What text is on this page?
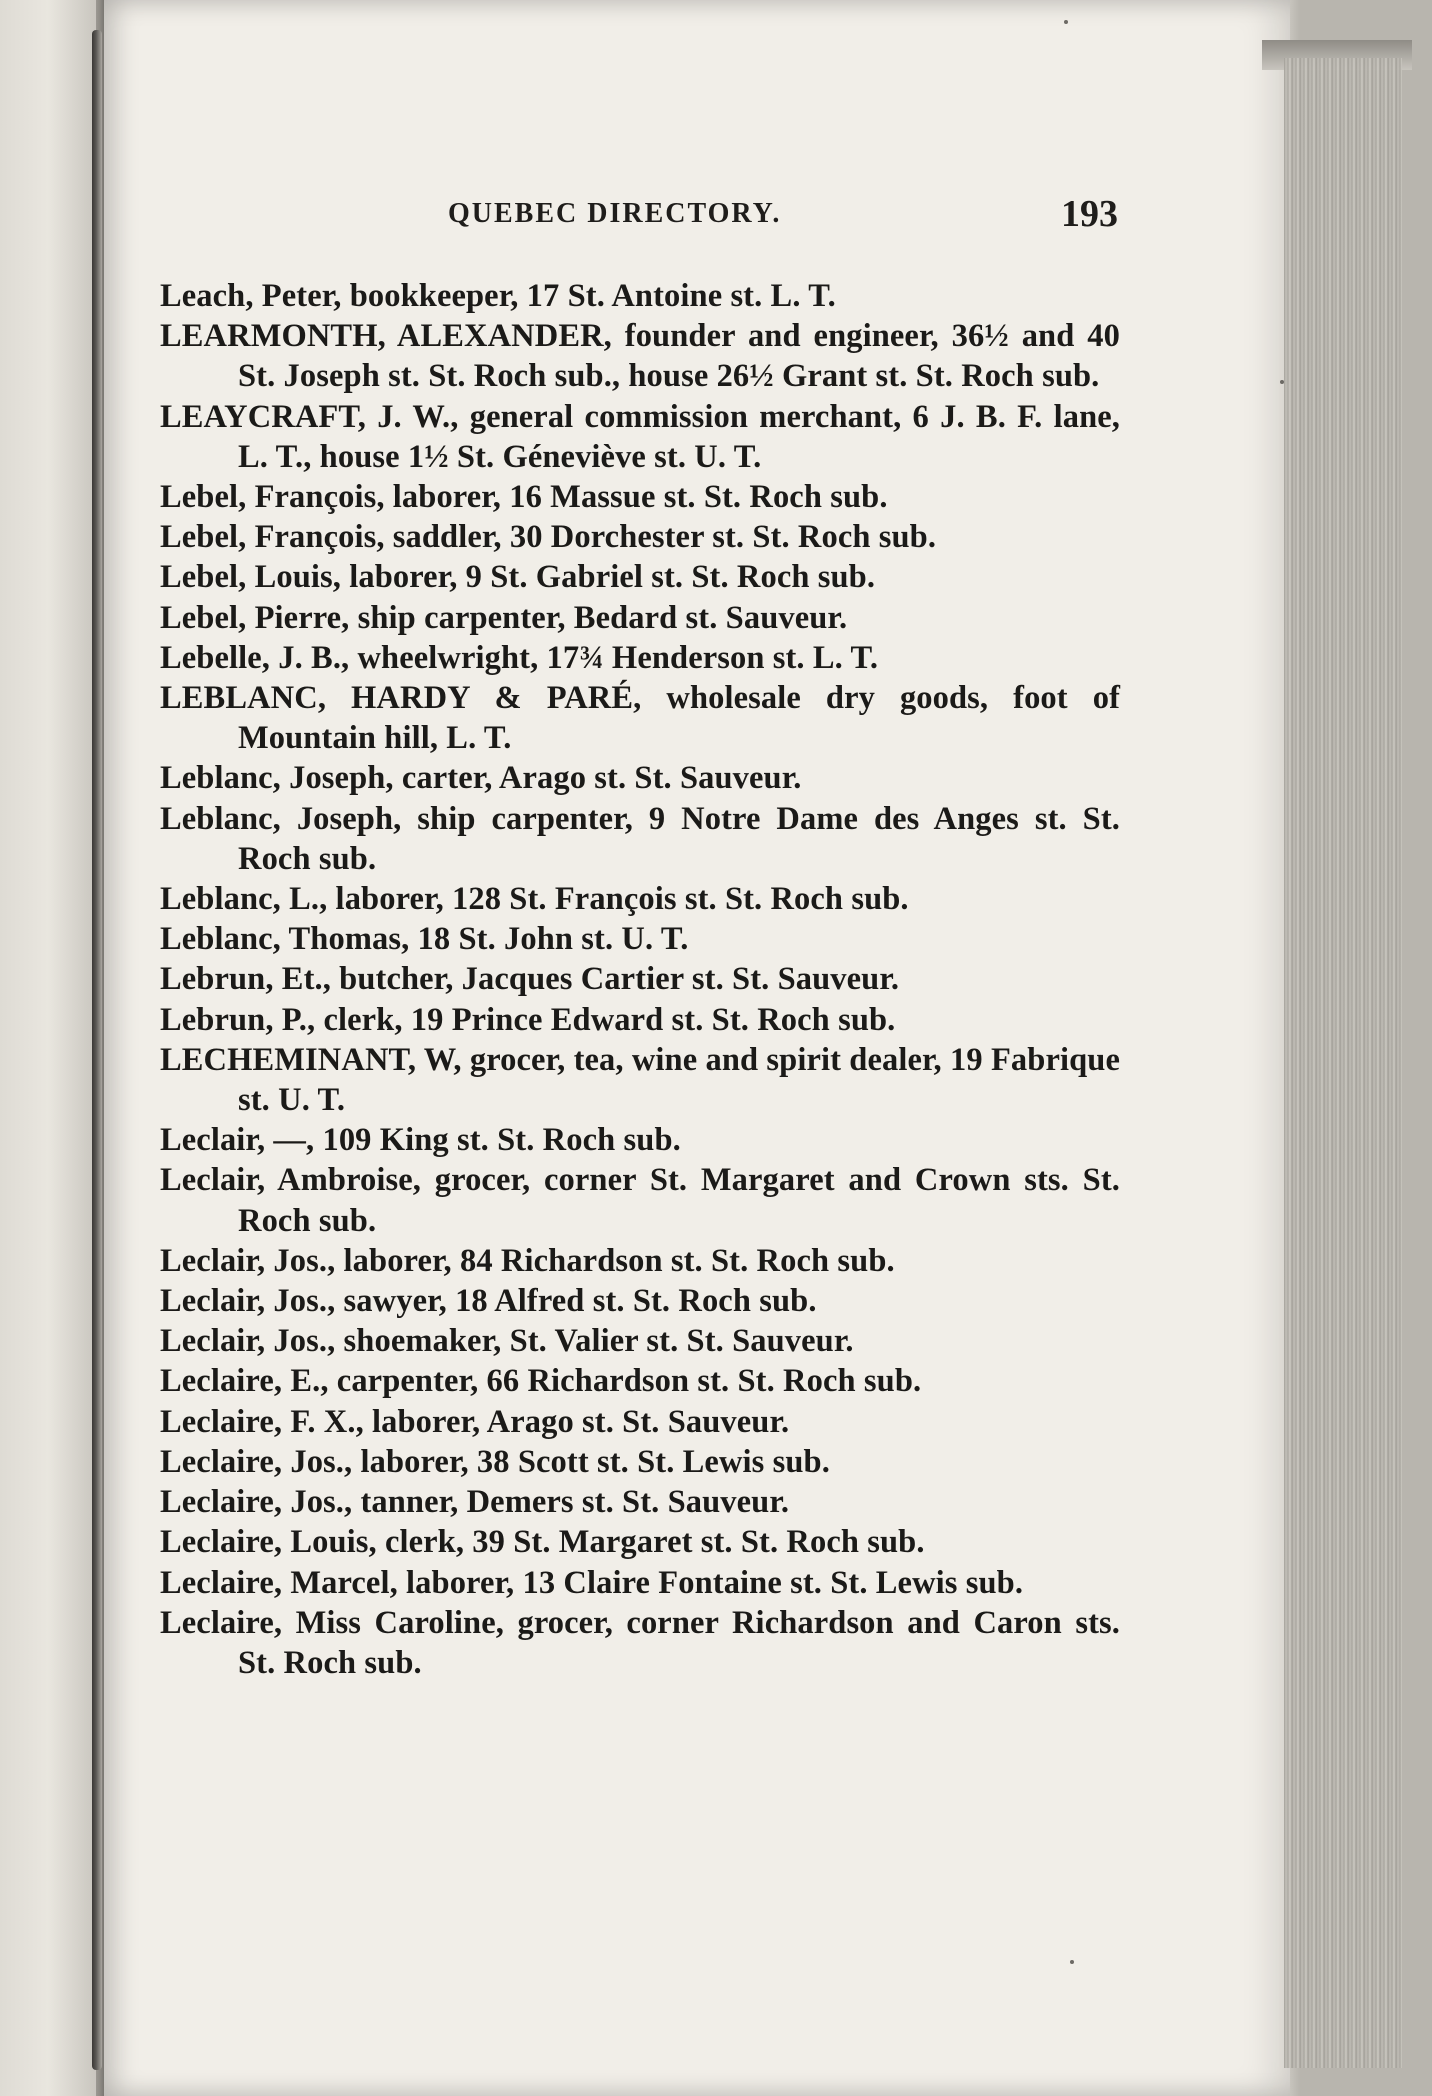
QUEBEC DIRECTORY.	193
Leach, Peter, bookkeeper, 17 St. Antoine st. L. T.
LEARMONTH, ALEXANDER, founder and engineer, 36½ and 40 St. Joseph st. St. Roch sub., house 26½ Grant st. St. Roch sub.
LEAYCRAFT, J. W., general commission merchant, 6 J. B. F. lane, L. T., house 1½ St. Géneviève st. U. T.
Lebel, François, laborer, 16 Massue st. St. Roch sub.
Lebel, François, saddler, 30 Dorchester st. St. Roch sub.
Lebel, Louis, laborer, 9 St. Gabriel st. St. Roch sub.
Lebel, Pierre, ship carpenter, Bedard st. Sauveur.
Lebelle, J. B., wheelwright, 17¾ Henderson st. L. T.
LEBLANC, HARDY & PARÉ, wholesale dry goods, foot of Mountain hill, L. T.
Leblanc, Joseph, carter, Arago st. St. Sauveur.
Leblanc, Joseph, ship carpenter, 9 Notre Dame des Anges st. St. Roch sub.
Leblanc, L., laborer, 128 St. François st. St. Roch sub.
Leblanc, Thomas, 18 St. John st. U. T.
Lebrun, Et., butcher, Jacques Cartier st. St. Sauveur.
Lebrun, P., clerk, 19 Prince Edward st. St. Roch sub.
LECHEMINANT, W, grocer, tea, wine and spirit dealer, 19 Fabrique st. U. T.
Leclair, —, 109 King st. St. Roch sub.
Leclair, Ambroise, grocer, corner St. Margaret and Crown sts. St. Roch sub.
Leclair, Jos., laborer, 84 Richardson st. St. Roch sub.
Leclair, Jos., sawyer, 18 Alfred st. St. Roch sub.
Leclair, Jos., shoemaker, St. Valier st. St. Sauveur.
Leclaire, E., carpenter, 66 Richardson st. St. Roch sub.
Leclaire, F. X., laborer, Arago st. St. Sauveur.
Leclaire, Jos., laborer, 38 Scott st. St. Lewis sub.
Leclaire, Jos., tanner, Demers st. St. Sauveur.
Leclaire, Louis, clerk, 39 St. Margaret st. St. Roch sub.
Leclaire, Marcel, laborer, 13 Claire Fontaine st. St. Lewis sub.
Leclaire, Miss Caroline, grocer, corner Richardson and Caron sts. St. Roch sub.
